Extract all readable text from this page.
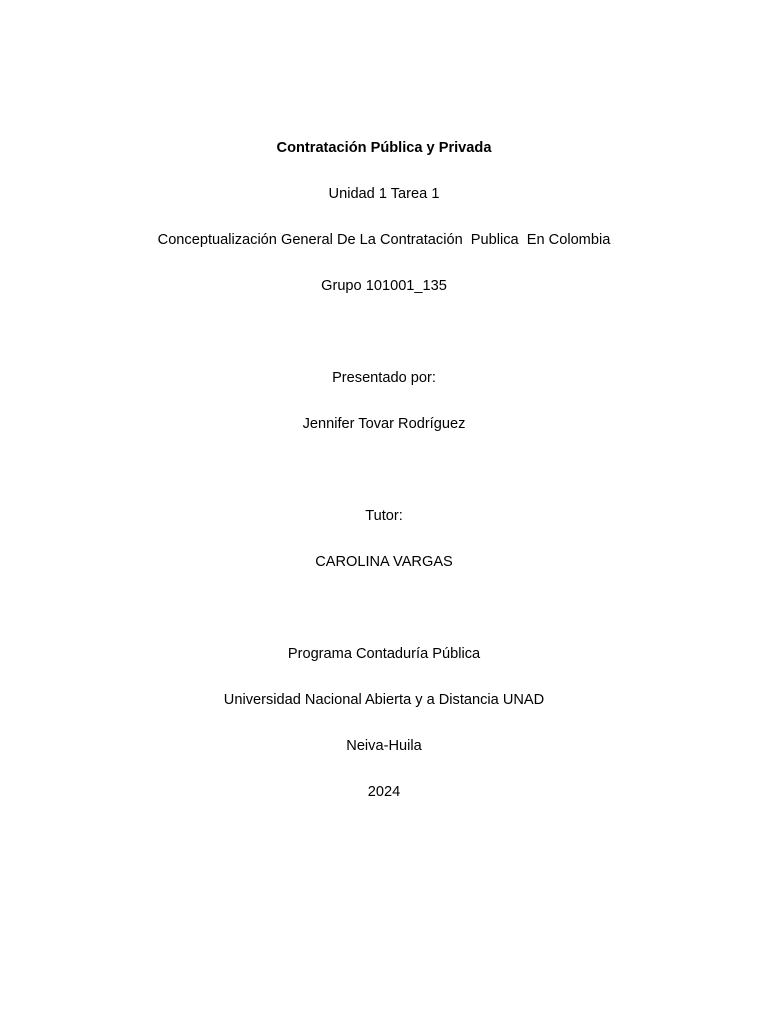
Contratación Pública y Privada
Unidad 1 Tarea 1
Conceptualización General De La Contratación  Publica  En Colombia
Grupo 101001_135
Presentado por:
Jennifer Tovar Rodríguez
Tutor:
CAROLINA VARGAS
Programa Contaduría Pública
Universidad Nacional Abierta y a Distancia UNAD
Neiva-Huila
2024
